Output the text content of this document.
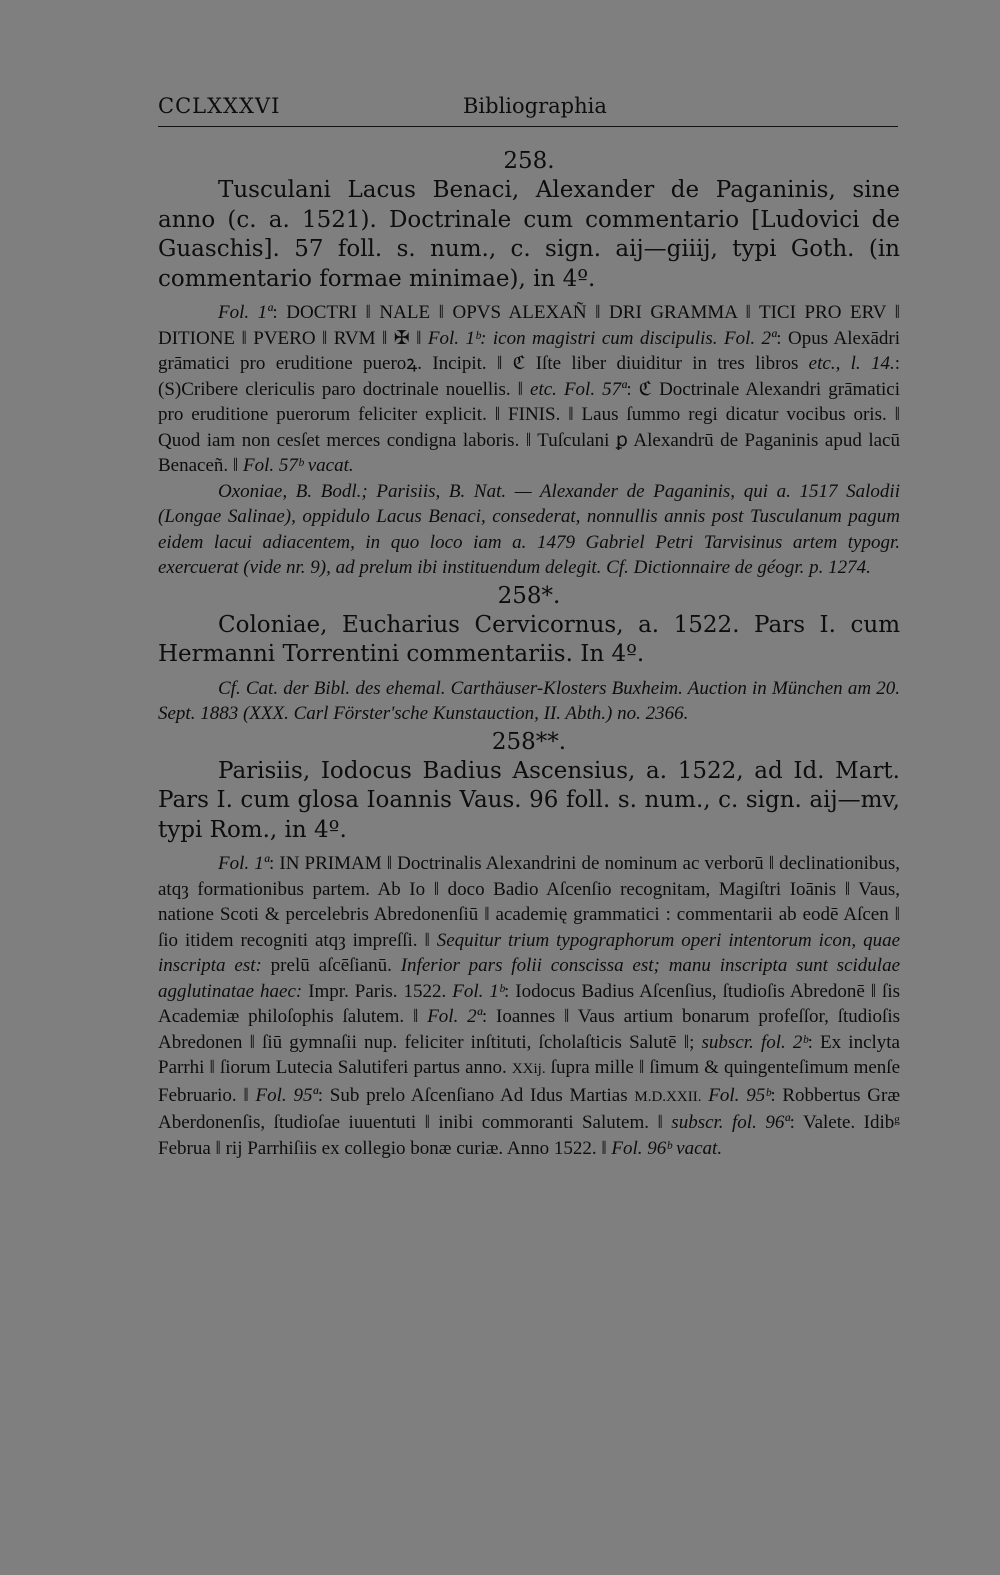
CCLXXXVI	Bibliographia

258.

Tusculani Lacus Benaci, Alexander de Paganinis, sine anno (c. a. 1521). Doctrinale cum commentario [Ludovici de Guaschis]. 57 foll. s. num., c. sign. aij—giiij, typi Goth. (in commentario formae minimae), in 4º.

Fol. 1ª: DOCTRI ‖ NALE ‖ OPVS ALEXAÑ ‖ DRI GRAMMA ‖ TICI PRO ERV ‖ DITIONE ‖ PVERO ‖ RVM ‖ ✠ ‖ Fol. 1ᵇ: icon magistri cum discipulis. Fol. 2ª: Opus Alexādri grāmatici pro eruditione pueroꝝ. Incipit. ‖ ℭ Iſte liber diuiditur in tres libros etc., l. 14.: (S)Cribere clericulis paro doctrinale nouellis. ‖ etc. Fol. 57ª: ℭ Doctrinale Alexandri grāmatici pro eruditione puerorum feliciter explicit. ‖ FINIS. ‖ Laus ſummo regi dicatur vocibus oris. ‖ Quod iam non cesſet merces condigna laboris. ‖ Tuſculani ꝑ Alexandrū de Paganinis apud lacū Benaceñ. ‖ Fol. 57ᵇ vacat.

Oxoniae, B. Bodl.; Parisiis, B. Nat. — Alexander de Paganinis, qui a. 1517 Salodii (Longae Salinae), oppidulo Lacus Benaci, consederat, nonnullis annis post Tusculanum pagum eidem lacui adiacentem, in quo loco iam a. 1479 Gabriel Petri Tarvisinus artem typogr. exercuerat (vide nr. 9), ad prelum ibi instituendum delegit. Cf. Dictionnaire de géogr. p. 1274.

258*.

Coloniae, Eucharius Cervicornus, a. 1522. Pars I. cum Hermanni Torrentini commentariis. In 4º.

Cf. Cat. der Bibl. des ehemal. Carthäuser-Klosters Buxheim. Auction in München am 20. Sept. 1883 (XXX. Carl Förster'sche Kunstauction, II. Abth.) no. 2366.

258**.

Parisiis, Iodocus Badius Ascensius, a. 1522, ad Id. Mart. Pars I. cum glosa Ioannis Vaus. 96 foll. s. num., c. sign. aij—mv, typi Rom., in 4º.

Fol. 1ª: IN PRIMAM ‖ Doctrinalis Alexandrini de nominum ac verborū ‖ declinationibus, atqȝ formationibus partem. Ab Io ‖ doco Badio Aſcenſio recognitam, Magiſtri Ioānis ‖ Vaus, natione Scoti & percelebris Abredonenſiū ‖ academię grammatici : commentarii ab eodē Aſcen ‖ ſio itidem recogniti atqȝ impreſſi. ‖ Sequitur trium typographorum operi intentorum icon, quae inscripta est: prelū aſcēſianū. Inferior pars folii conscissa est; manu inscripta sunt scidulae agglutinatae haec: Impr. Paris. 1522. Fol. 1ᵇ: Iodocus Badius Aſcenſius, ſtudioſis Abredonē ‖ ſis Academiæ philoſophis ſalutem. ‖ Fol. 2ª: Ioannes ‖ Vaus artium bonarum profeſſor, ſtudioſis Abredonen ‖ ſiū gymnaſii nup. feliciter inſtituti, ſcholaſticis Salutē ‖; subscr. fol. 2ᵇ: Ex inclyta Parrhi ‖ ſiorum Lutecia Salutiferi partus anno. XXij. ſupra mille ‖ ſimum & quingenteſimum menſe Februario. ‖ Fol. 95ª: Sub prelo Aſcenſiano Ad Idus Martias M.D.XXII. Fol. 95ᵇ: Robbertus Græ Aberdonenſis, ſtudioſae iuuentuti ‖ inibi commoranti Salutem. ‖ subscr. fol. 96ª: Valete. Idibᵍ Februa ‖ rij Parrhiſiis ex collegio bonæ curiæ. Anno 1522. ‖ Fol. 96ᵇ vacat.
